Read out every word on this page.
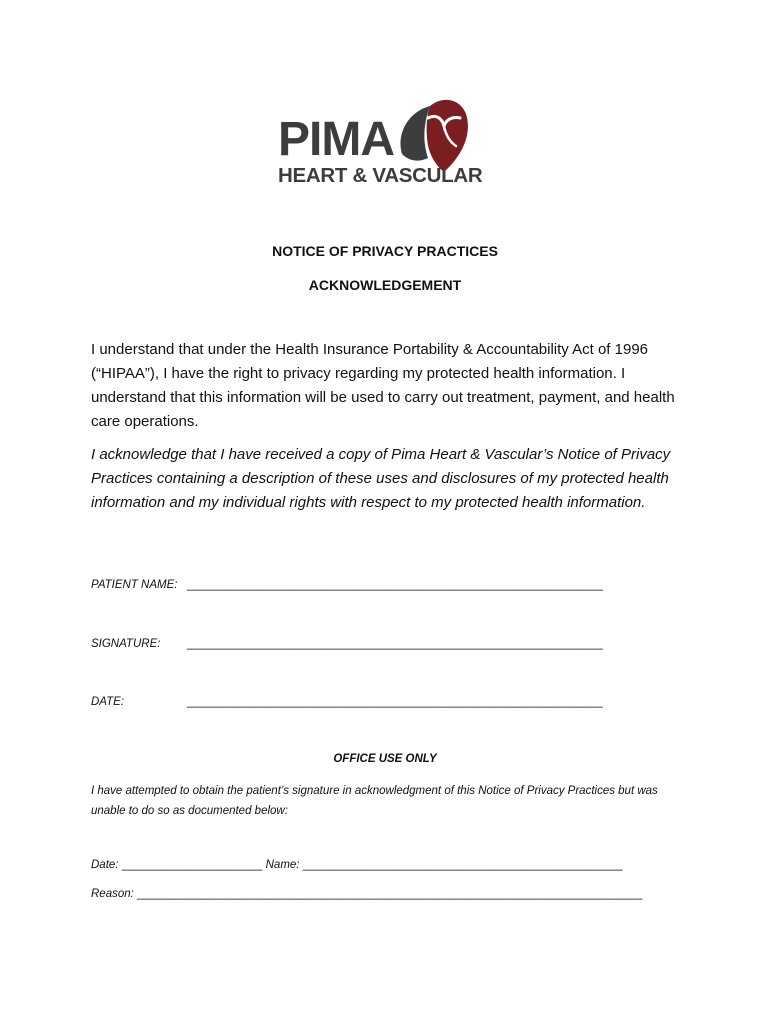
PIMA

HEART & VASCULAR

NOTICE OF PRIVACY PRACTICES

ACKNOWLEDGEMENT

I understand that under the Health Insurance Portability & Accountability Act of 1996 (“HIPAA”), I have the right to privacy regarding my protected health information. I understand that this information will be used to carry out treatment, payment, and health care operations.

I acknowledge that I have received a copy of Pima Heart & Vascular’s Notice of Privacy Practices containing a description of these uses and disclosures of my protected health information and my individual rights with respect to my protected health information.

PATIENT NAME: _________________________________________________________________
SIGNATURE: _________________________________________________________________
DATE:	_________________________________________________________________

OFFICE USE ONLY

I have attempted to obtain the patient’s signature in acknowledgment of this Notice of Privacy Practices but was unable to do so as documented below:

Date: ______________________ Name: __________________________________________________
Reason: _______________________________________________________________________________
